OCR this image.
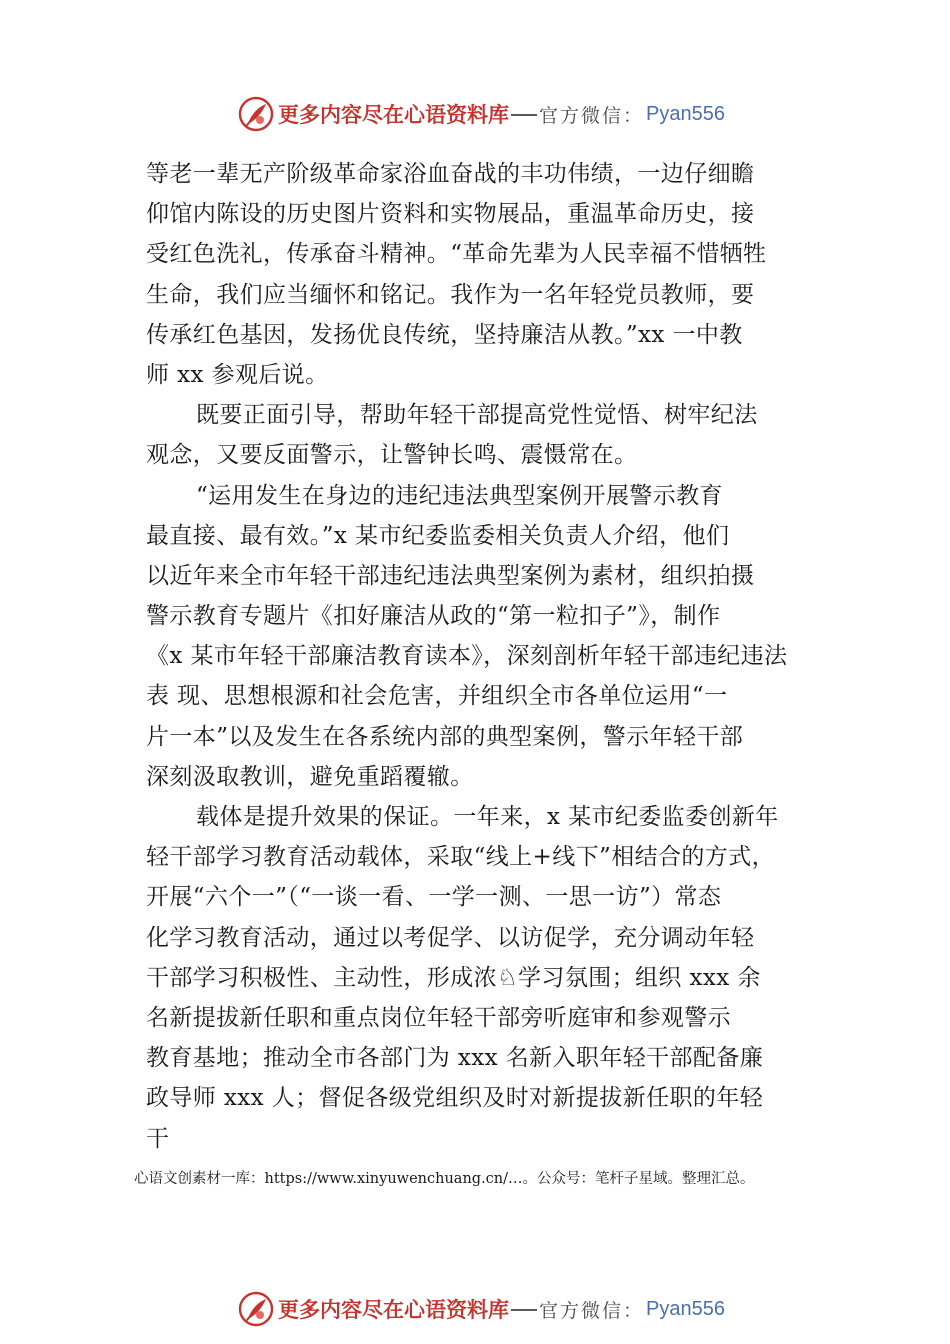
更多内容尽在心语资料库 官方微信： Pyan556
等老一辈无产阶级革命家浴血奋战的丰功伟绩，一边仔细瞻
仰馆内陈设的历史图片资料和实物展品，重温革命历史，接
受红色洗礼，传承奋斗精神。“革命先辈为人民幸福不惜牺牲
生命，我们应当缅怀和铭记。我作为一名年轻党员教师，要
传承红色基因，发扬优良传统，坚持廉洁从教。”xx 一中教
师 xx 参观后说。
既要正面引导，帮助年轻干部提高党性觉悟、树牢纪法
观念，又要反面警示，让警钟长鸣、震慑常在。
“运用发生在身边的违纪违法典型案例开展警示教育
最直接、最有效。”x 某市纪委监委相关负责人介绍，他们
以近年来全市年轻干部违纪违法典型案例为素材，组织拍摄
警示教育专题片《扣好廉洁从政的“第一粒扣子”》，制作
《x 某市年轻干部廉洁教育读本》，深刻剖析年轻干部违纪违法
表 现、思想根源和社会危害，并组织全市各单位运用“一
片一本”以及发生在各系统内部的典型案例，警示年轻干部
深刻汲取教训，避免重蹈覆辙。
载体是提升效果的保证。一年来，x 某市纪委监委创新年
轻干部学习教育活动载体，采取“线上+线下”相结合的方式，
开展“六个一”（“一谈一看、一学一测、一思一访”）常态
化学习教育活动，通过以考促学、以访促学，充分调动年轻
干部学习积极性、主动性，形成浓♘学习氛围；组织 xxx 余
名新提拔新任职和重点岗位年轻干部旁听庭审和参观警示
教育基地；推动全市各部门为 xxx 名新入职年轻干部配备廉
政导师 xxx 人；督促各级党组织及时对新提拔新任职的年轻
干
心语文创素材一库：https://www.xinyuwenchuang.cn/…。公众号：笔杆子星域。整理汇总。
更多内容尽在心语资料库 官方微信： Pyan556
